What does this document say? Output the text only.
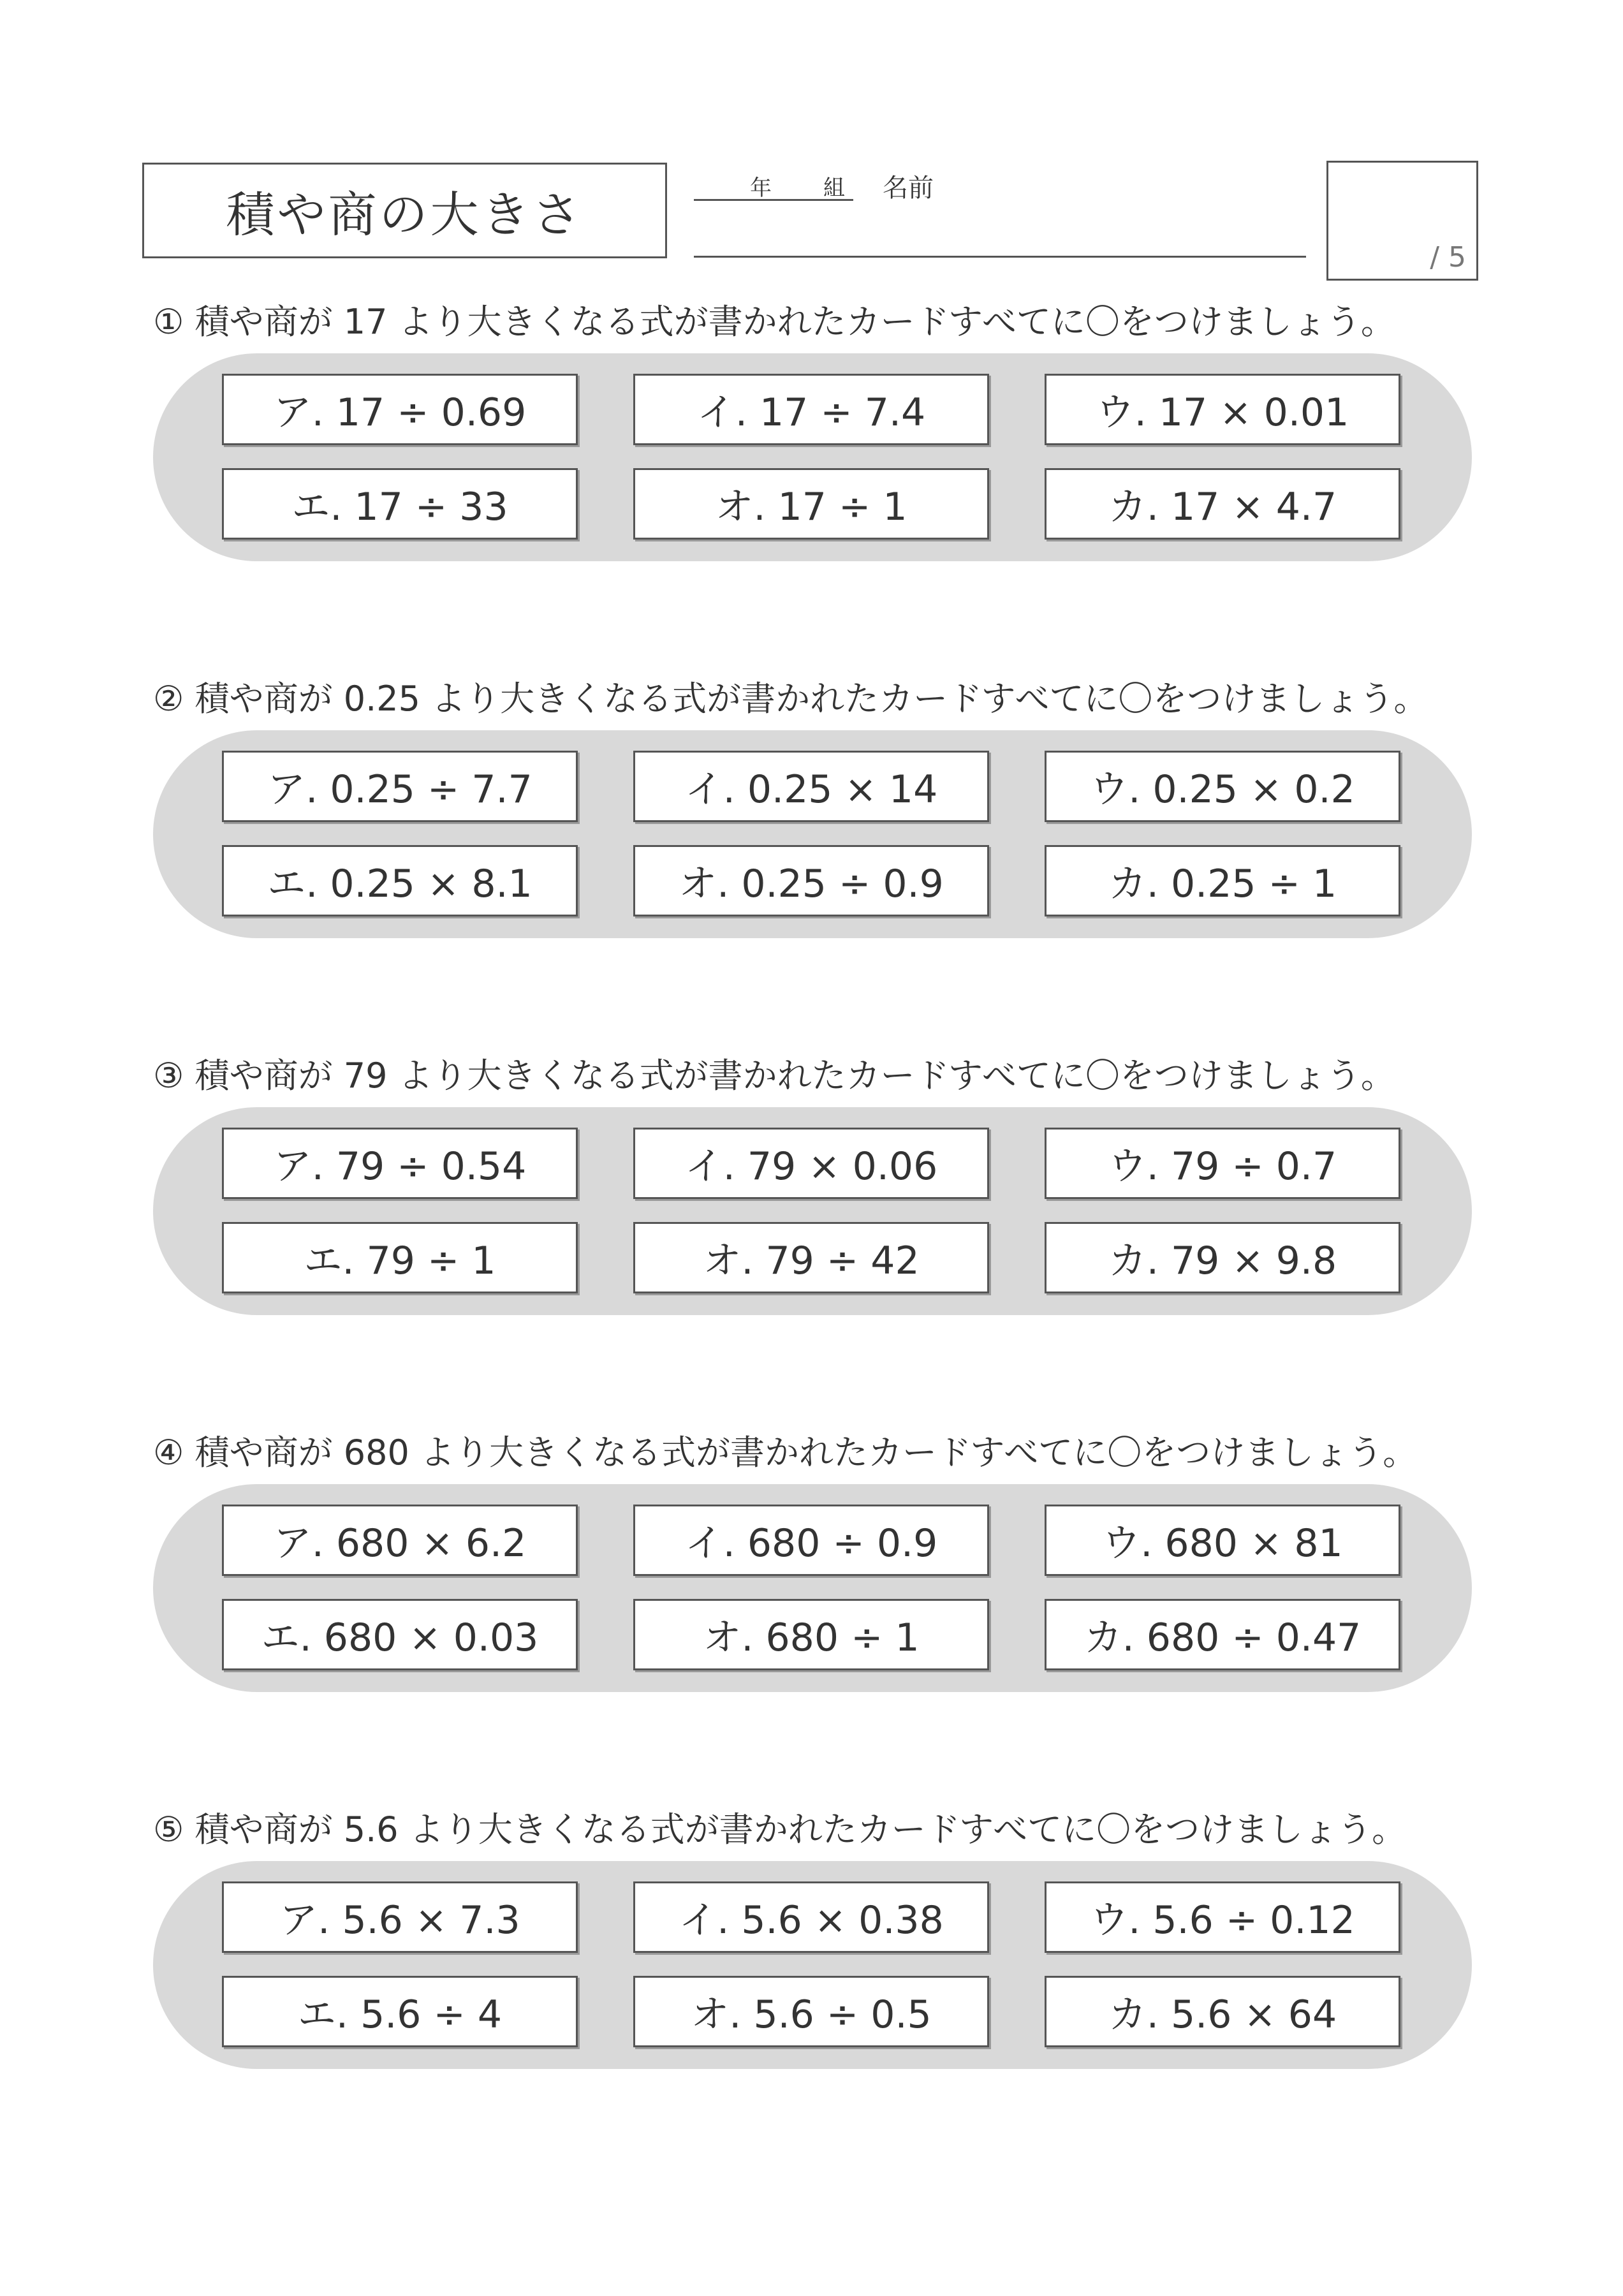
積や商の大きさ	年 組 名前
/ 5
① 積や商が 17 より大きくなる式が書かれたカードすべてに〇をつけましょう。
ア. 17 ÷ 0.69	イ. 17 ÷ 7.4	ウ. 17 × 0.01
エ. 17 ÷ 33	オ. 17 ÷ 1	カ. 17 × 4.7
② 積や商が 0.25 より大きくなる式が書かれたカードすべてに〇をつけましょう。
ア. 0.25 ÷ 7.7	イ. 0.25 × 14	ウ. 0.25 × 0.2
エ. 0.25 × 8.1	オ. 0.25 ÷ 0.9	カ. 0.25 ÷ 1
③ 積や商が 79 より大きくなる式が書かれたカードすべてに〇をつけましょう。
ア. 79 ÷ 0.54	イ. 79 × 0.06	ウ. 79 ÷ 0.7
エ. 79 ÷ 1	オ. 79 ÷ 42	カ. 79 × 9.8
④ 積や商が 680 より大きくなる式が書かれたカードすべてに〇をつけましょう。
ア. 680 × 6.2	イ. 680 ÷ 0.9	ウ. 680 × 81
エ. 680 × 0.03	オ. 680 ÷ 1	カ. 680 ÷ 0.47
⑤ 積や商が 5.6 より大きくなる式が書かれたカードすべてに〇をつけましょう。
ア. 5.6 × 7.3	イ. 5.6 × 0.38	ウ. 5.6 ÷ 0.12
エ. 5.6 ÷ 4	オ. 5.6 ÷ 0.5	カ. 5.6 × 64
